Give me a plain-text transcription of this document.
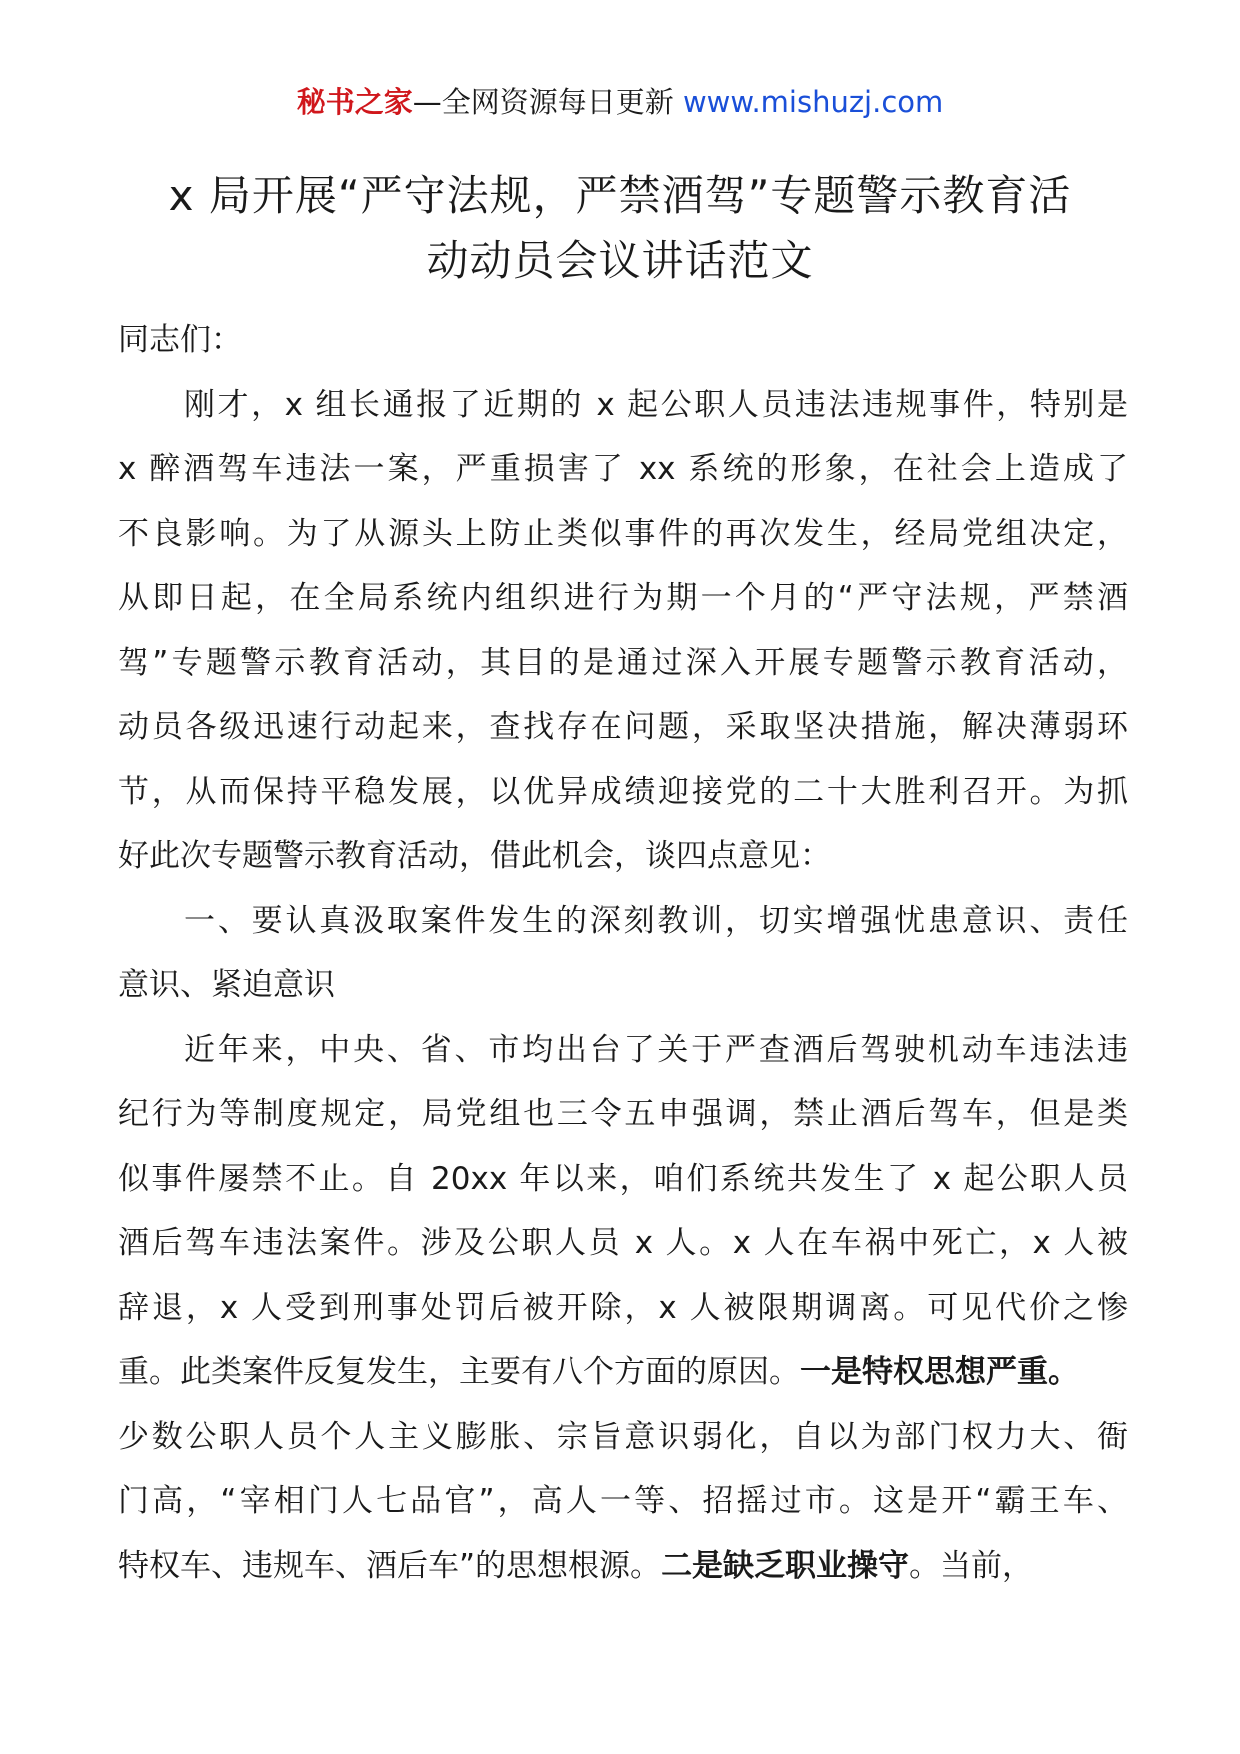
秘书之家—全网资源每日更新 www.mishuzj.com
x 局开展“严守法规，严禁酒驾”专题警示教育活
动动员会议讲话范文
同志们：
刚才，x 组长通报了近期的 x 起公职人员违法违规事件，特别是
x 醉酒驾车违法一案，严重损害了 xx 系统的形象，在社会上造成了
不良影响。为了从源头上防止类似事件的再次发生，经局党组决定，
从即日起，在全局系统内组织进行为期一个月的“严守法规，严禁酒
驾”专题警示教育活动，其目的是通过深入开展专题警示教育活动，
动员各级迅速行动起来，查找存在问题，采取坚决措施，解决薄弱环
节，从而保持平稳发展，以优异成绩迎接党的二十大胜利召开。为抓
好此次专题警示教育活动，借此机会，谈四点意见：
一、要认真汲取案件发生的深刻教训，切实增强忧患意识、责任
意识、紧迫意识
近年来，中央、省、市均出台了关于严查酒后驾驶机动车违法违
纪行为等制度规定，局党组也三令五申强调，禁止酒后驾车，但是类
似事件屡禁不止。自 20xx 年以来，咱们系统共发生了 x 起公职人员
酒后驾车违法案件。涉及公职人员 x 人。x 人在车祸中死亡，x 人被
辞退，x 人受到刑事处罚后被开除，x 人被限期调离。可见代价之惨
重。此类案件反复发生，主要有八个方面的原因。一是特权思想严重。
少数公职人员个人主义膨胀、宗旨意识弱化，自以为部门权力大、衙
门高，“宰相门人七品官”，高人一等、招摇过市。这是开“霸王车、
特权车、违规车、酒后车”的思想根源。二是缺乏职业操守。当前，
